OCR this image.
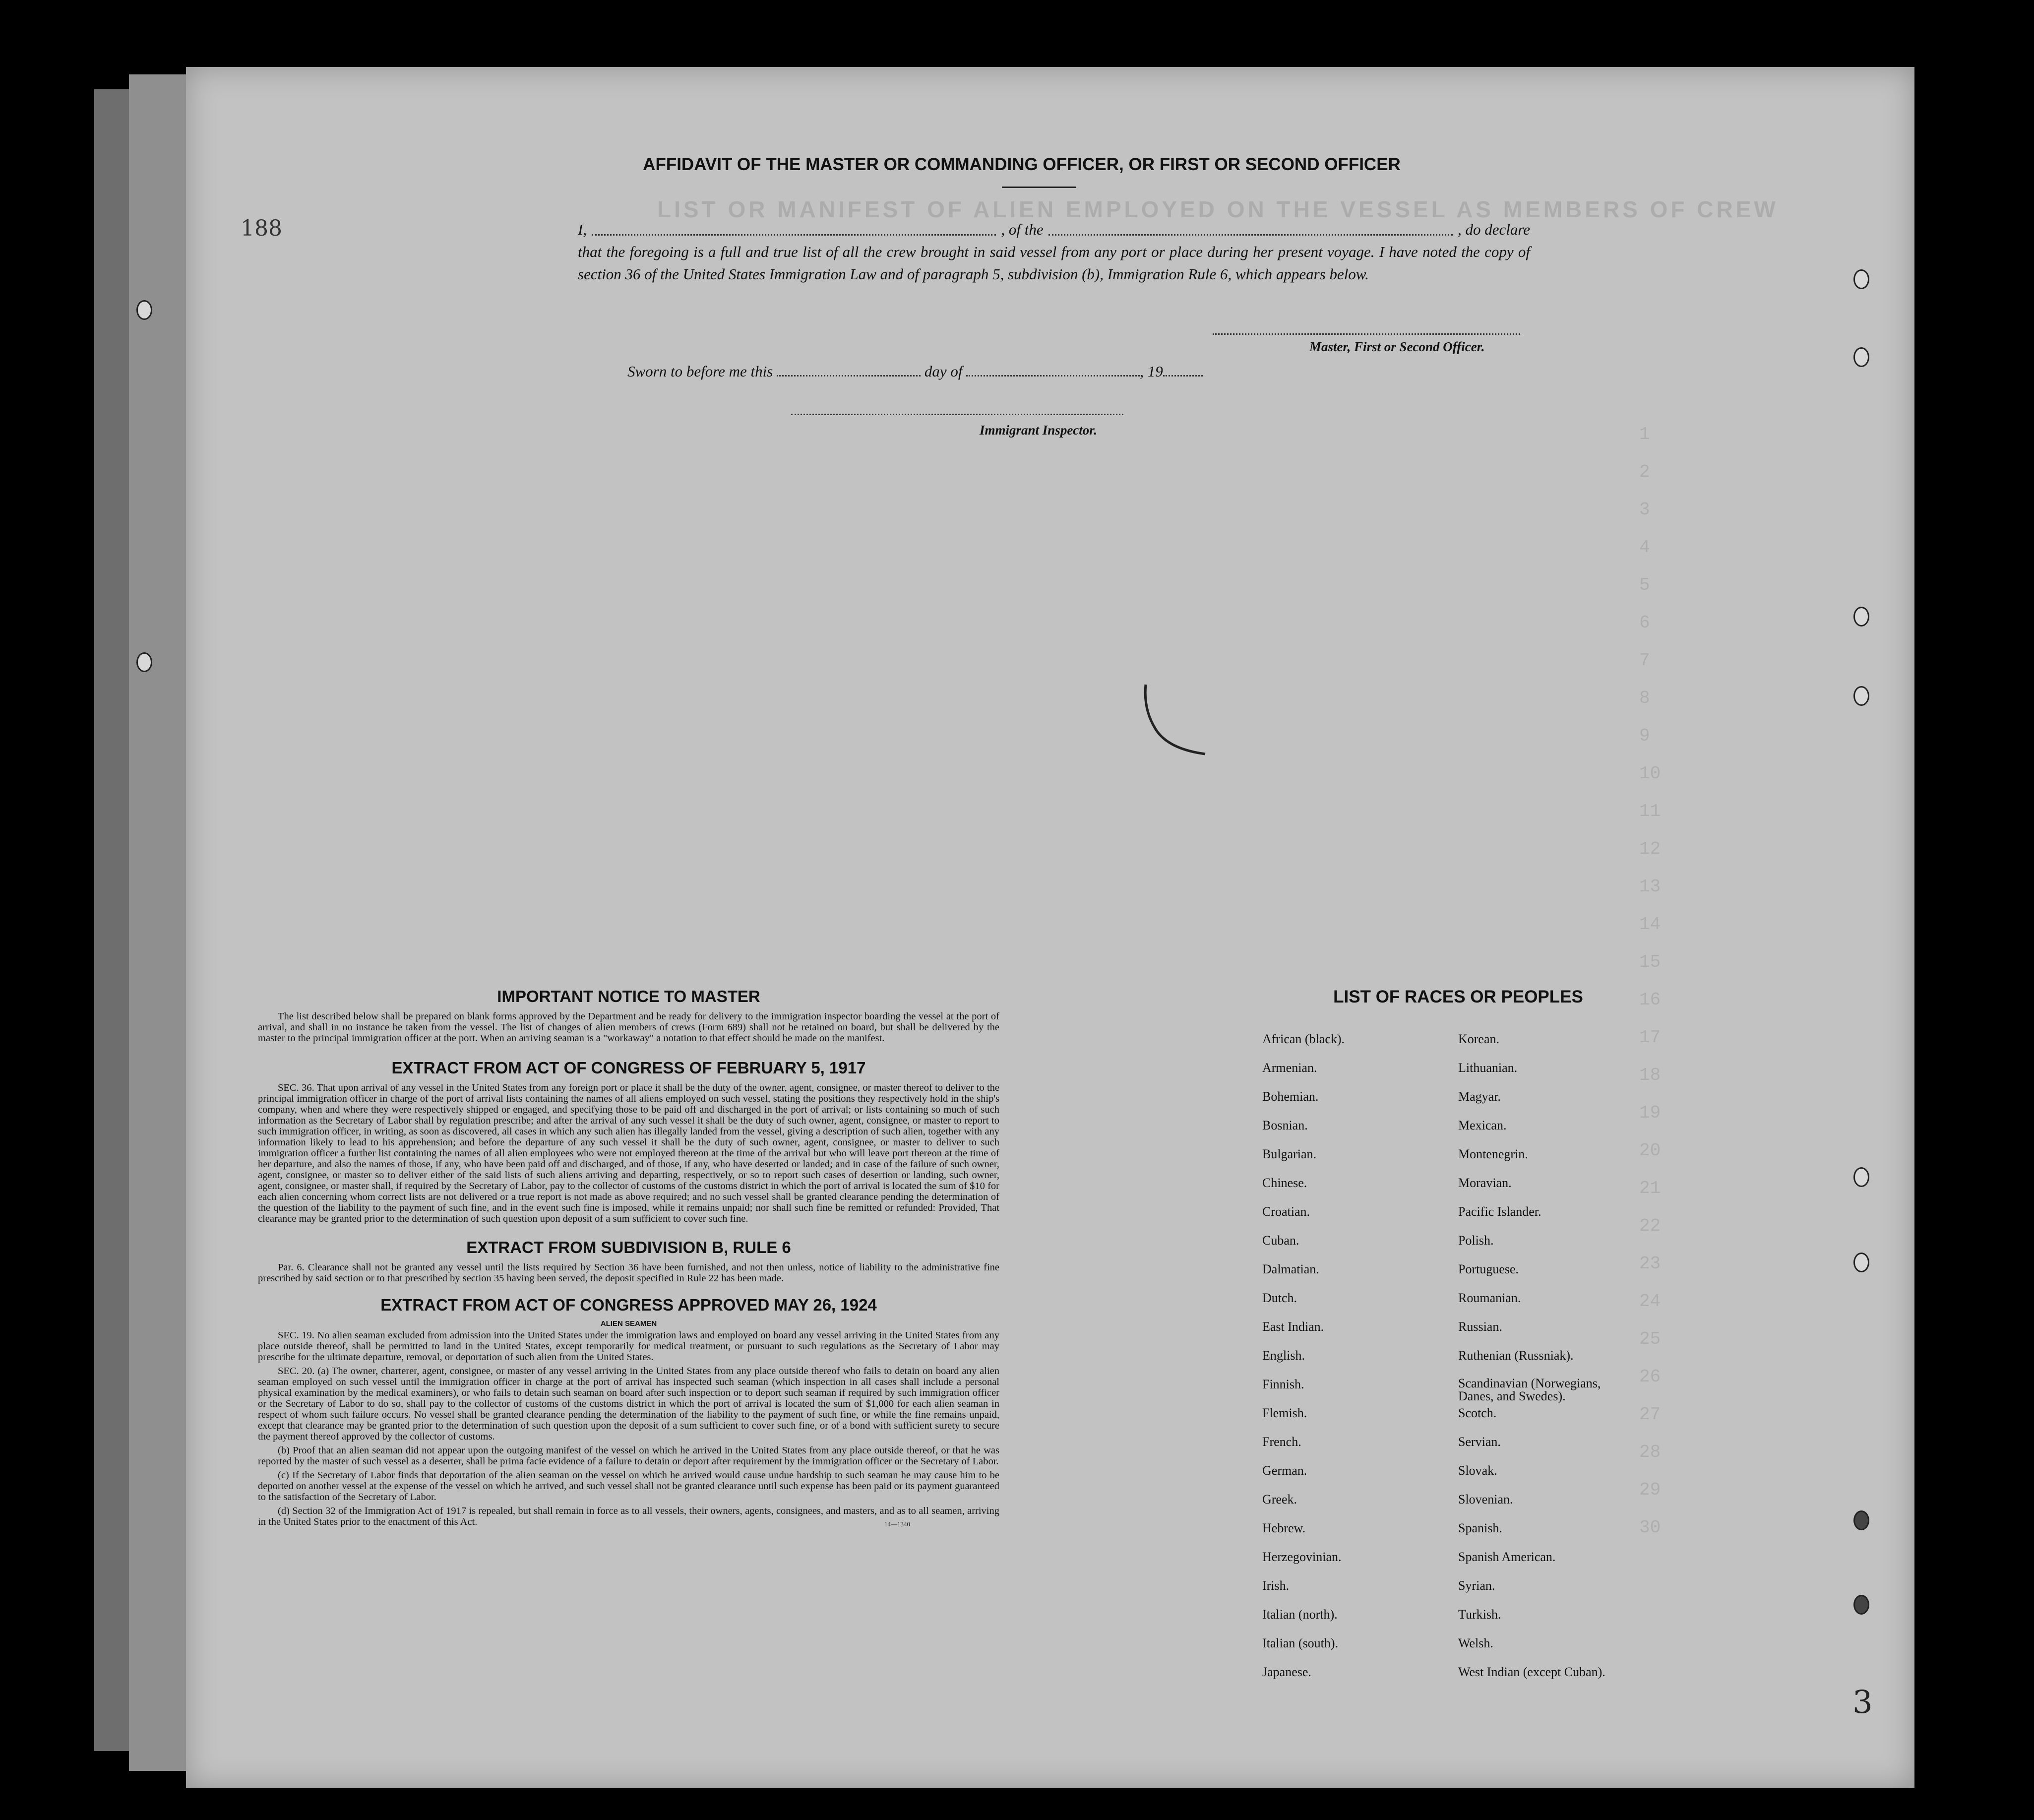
LIST OR MANIFEST OF ALIEN EMPLOYED ON THE VESSEL AS MEMBERS OF CREW
1
2
3
4
5
6
7
8
9
10
11
12
13
14
15
16
17
18
19
20
21
22
23
24
25
26
27
28
29
30
188
3
AFFIDAVIT OF THE MASTER OR COMMANDING OFFICER, OR FIRST OR SECOND OFFICER
I,	, of the	, do declare
that the foregoing is a full and true list of all the crew brought in said vessel from any port or place during her present voyage. I have noted the copy of section 36 of the United States Immigration Law and of paragraph 5, subdivision (b), Immigration Rule 6, which appears below.
Master, First or Second Officer.
Sworn to before me this	day of	, 19
Immigrant Inspector.
IMPORTANT NOTICE TO MASTER

The list described below shall be prepared on blank forms approved by the Department and be ready for delivery to the immigration inspector boarding the vessel at the port of arrival, and shall in no instance be taken from the vessel. The list of changes of alien members of crews (Form 689) shall not be retained on board, but shall be delivered by the master to the principal immigration officer at the port. When an arriving seaman is a "workaway" a notation to that effect should be made on the manifest.

EXTRACT FROM ACT OF CONGRESS OF FEBRUARY 5, 1917

SEC. 36. That upon arrival of any vessel in the United States from any foreign port or place it shall be the duty of the owner, agent, consignee, or master thereof to deliver to the principal immigration officer in charge of the port of arrival lists containing the names of all aliens employed on such vessel, stating the positions they respectively hold in the ship's company, when and where they were respectively shipped or engaged, and specifying those to be paid off and discharged in the port of arrival; or lists containing so much of such information as the Secretary of Labor shall by regulation prescribe; and after the arrival of any such vessel it shall be the duty of such owner, agent, consignee, or master to report to such immigration officer, in writing, as soon as discovered, all cases in which any such alien has illegally landed from the vessel, giving a description of such alien, together with any information likely to lead to his apprehension; and before the departure of any such vessel it shall be the duty of such owner, agent, consignee, or master to deliver to such immigration officer a further list containing the names of all alien employees who were not employed thereon at the time of the arrival but who will leave port thereon at the time of her departure, and also the names of those, if any, who have been paid off and discharged, and of those, if any, who have deserted or landed; and in case of the failure of such owner, agent, consignee, or master so to deliver either of the said lists of such aliens arriving and departing, respectively, or so to report such cases of desertion or landing, such owner, agent, consignee, or master shall, if required by the Secretary of Labor, pay to the collector of customs of the customs district in which the port of arrival is located the sum of $10 for each alien concerning whom correct lists are not delivered or a true report is not made as above required; and no such vessel shall be granted clearance pending the determination of the question of the liability to the payment of such fine, and in the event such fine is imposed, while it remains unpaid; nor shall such fine be remitted or refunded: Provided, That clearance may be granted prior to the determination of such question upon deposit of a sum sufficient to cover such fine.

EXTRACT FROM SUBDIVISION B, RULE 6

Par. 6. Clearance shall not be granted any vessel until the lists required by Section 36 have been furnished, and not then unless, notice of liability to the administrative fine prescribed by said section or to that prescribed by section 35 having been served, the deposit specified in Rule 22 has been made.

EXTRACT FROM ACT OF CONGRESS APPROVED MAY 26, 1924
ALIEN SEAMEN

SEC. 19. No alien seaman excluded from admission into the United States under the immigration laws and employed on board any vessel arriving in the United States from any place outside thereof, shall be permitted to land in the United States, except temporarily for medical treatment, or pursuant to such regulations as the Secretary of Labor may prescribe for the ultimate departure, removal, or deportation of such alien from the United States.

SEC. 20. (a) The owner, charterer, agent, consignee, or master of any vessel arriving in the United States from any place outside thereof who fails to detain on board any alien seaman employed on such vessel until the immigration officer in charge at the port of arrival has inspected such seaman (which inspection in all cases shall include a personal physical examination by the medical examiners), or who fails to detain such seaman on board after such inspection or to deport such seaman if required by such immigration officer or the Secretary of Labor to do so, shall pay to the collector of customs of the customs district in which the port of arrival is located the sum of $1,000 for each alien seaman in respect of whom such failure occurs. No vessel shall be granted clearance pending the determination of the liability to the payment of such fine, or while the fine remains unpaid, except that clearance may be granted prior to the determination of such question upon the deposit of a sum sufficient to cover such fine, or of a bond with sufficient surety to secure the payment thereof approved by the collector of customs.

(b) Proof that an alien seaman did not appear upon the outgoing manifest of the vessel on which he arrived in the United States from any place outside thereof, or that he was reported by the master of such vessel as a deserter, shall be prima facie evidence of a failure to detain or deport after requirement by the immigration officer or the Secretary of Labor.

(c) If the Secretary of Labor finds that deportation of the alien seaman on the vessel on which he arrived would cause undue hardship to such seaman he may cause him to be deported on another vessel at the expense of the vessel on which he arrived, and such vessel shall not be granted clearance until such expense has been paid or its payment guaranteed to the satisfaction of the Secretary of Labor.

(d) Section 32 of the Immigration Act of 1917 is repealed, but shall remain in force as to all vessels, their owners, agents, consignees, and masters, and as to all seamen, arriving in the United States prior to the enactment of this Act.	14—1340
LIST OF RACES OR PEOPLES
African (black).	Korean.
Armenian.	Lithuanian.
Bohemian.	Magyar.
Bosnian.	Mexican.
Bulgarian.	Montenegrin.
Chinese.	Moravian.
Croatian.	Pacific Islander.
Cuban.	Polish.
Dalmatian.	Portuguese.
Dutch.	Roumanian.
East Indian.	Russian.
English.	Ruthenian (Russniak).
Finnish.	Scandinavian (Norwegians, Danes, and Swedes).
Flemish.	Scotch.
French.	Servian.
German.	Slovak.
Greek.	Slovenian.
Hebrew.	Spanish.
Herzegovinian.	Spanish American.
Irish.	Syrian.
Italian (north).	Turkish.
Italian (south).	Welsh.
Japanese.	West Indian (except Cuban).
